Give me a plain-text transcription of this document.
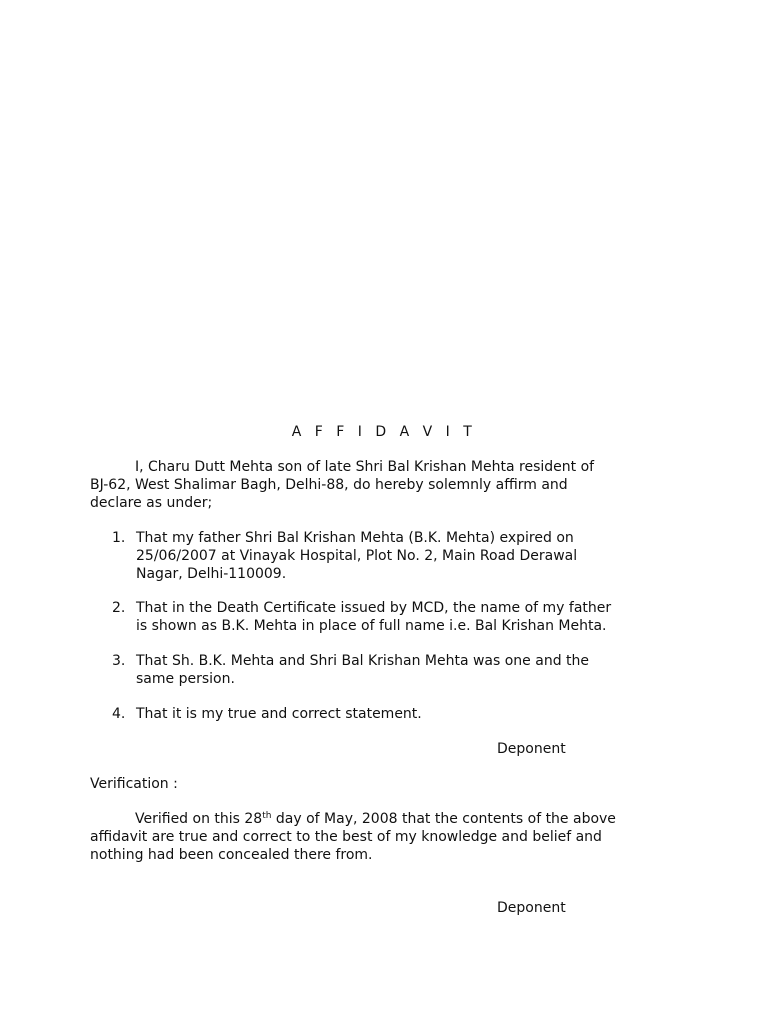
A F F I D A V I T
I, Charu Dutt Mehta son of late Shri Bal Krishan Mehta resident of
BJ-62, West Shalimar Bagh, Delhi-88, do hereby solemnly affirm and
declare as under;
1. That my father Shri Bal Krishan Mehta (B.K. Mehta) expired on
25/06/2007 at Vinayak Hospital, Plot No. 2, Main Road Derawal
Nagar, Delhi-110009.
2. That in the Death Certificate issued by MCD, the name of my father
is shown as B.K. Mehta in place of full name i.e. Bal Krishan Mehta.
3. That Sh. B.K. Mehta and Shri Bal Krishan Mehta was one and the
same persion.
4. That it is my true and correct statement.
Deponent
Verification :
Verified on this 28th day of May, 2008 that the contents of the above
affidavit are true and correct to the best of my knowledge and belief and
nothing had been concealed there from.
Deponent
